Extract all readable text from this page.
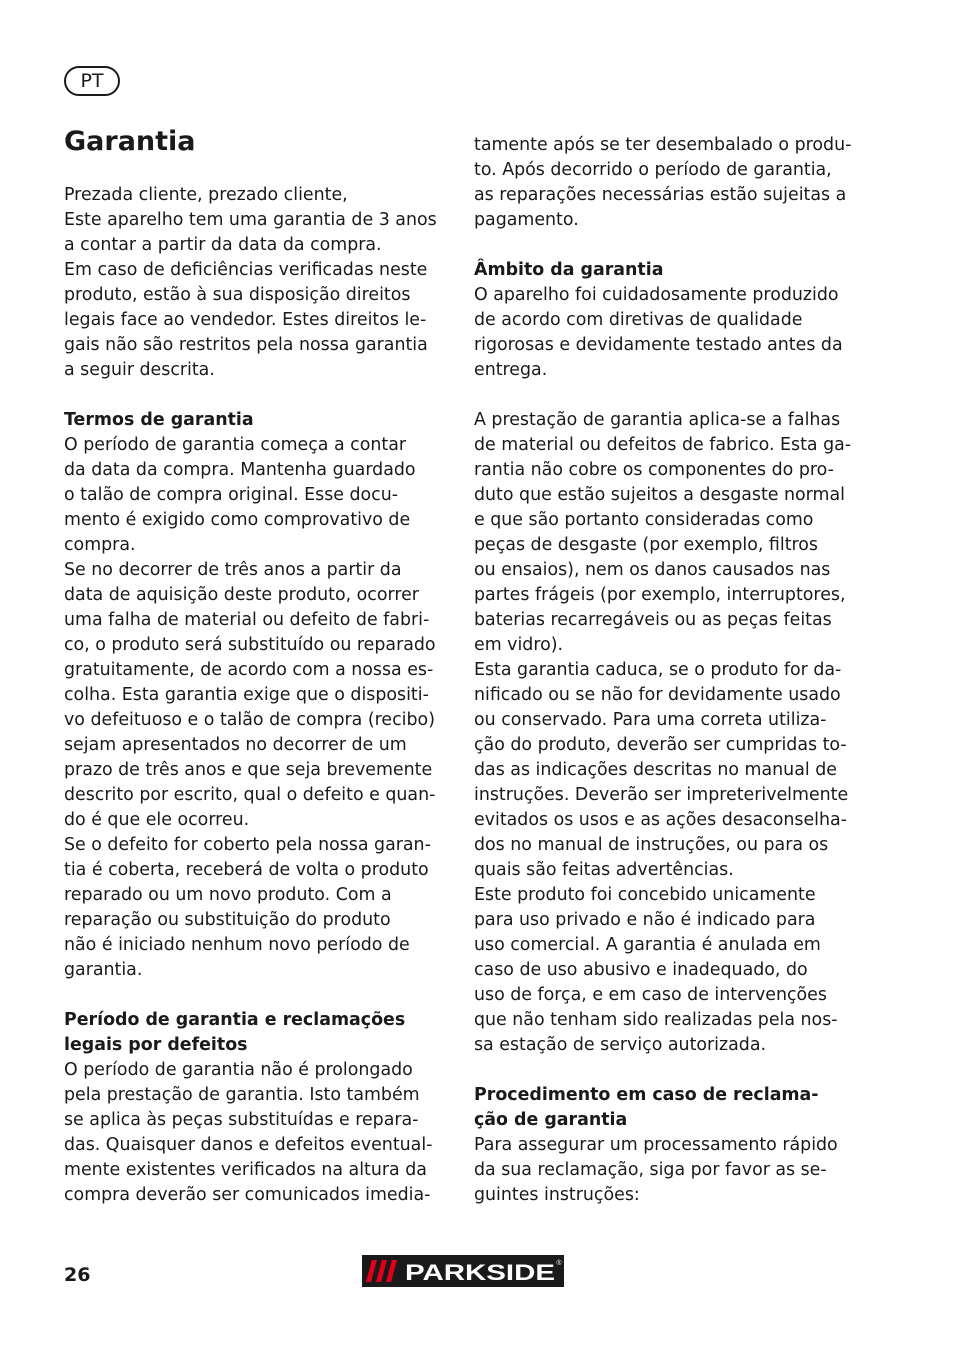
PT
Garantia
Prezada cliente, prezado cliente,
Este aparelho tem uma garantia de 3 anos
a contar a partir da data da compra.
Em caso de deficiências verificadas neste
produto, estão à sua disposição direitos
legais face ao vendedor. Estes direitos le-
gais não são restritos pela nossa garantia
a seguir descrita.
Termos de garantia
O período de garantia começa a contar
da data da compra. Mantenha guardado
o talão de compra original. Esse docu-
mento é exigido como comprovativo de
compra.
Se no decorrer de três anos a partir da
data de aquisição deste produto, ocorrer
uma falha de material ou defeito de fabri-
co, o produto será substituído ou reparado
gratuitamente, de acordo com a nossa es-
colha. Esta garantia exige que o dispositi-
vo defeituoso e o talão de compra (recibo)
sejam apresentados no decorrer de um
prazo de três anos e que seja brevemente
descrito por escrito, qual o defeito e quan-
do é que ele ocorreu.
Se o defeito for coberto pela nossa garan-
tia é coberta, receberá de volta o produto
reparado ou um novo produto. Com a
reparação ou substituição do produto
não é iniciado nenhum novo período de
garantia.
Período de garantia e reclamações
legais por defeitos
O período de garantia não é prolongado
pela prestação de garantia. Isto também
se aplica às peças substituídas e repara-
das. Quaisquer danos e defeitos eventual-
mente existentes verificados na altura da
compra deverão ser comunicados imedia-
tamente após se ter desembalado o produ-
to. Após decorrido o período de garantia,
as reparações necessárias estão sujeitas a
pagamento.
Âmbito da garantia
O aparelho foi cuidadosamente produzido
de acordo com diretivas de qualidade
rigorosas e devidamente testado antes da
entrega.
A prestação de garantia aplica-se a falhas
de material ou defeitos de fabrico. Esta ga-
rantia não cobre os componentes do pro-
duto que estão sujeitos a desgaste normal
e que são portanto consideradas como
peças de desgaste (por exemplo, filtros
ou ensaios), nem os danos causados nas
partes frágeis (por exemplo, interruptores,
baterias recarregáveis ou as peças feitas
em vidro).
Esta garantia caduca, se o produto for da-
nificado ou se não for devidamente usado
ou conservado. Para uma correta utiliza-
ção do produto, deverão ser cumpridas to-
das as indicações descritas no manual de
instruções. Deverão ser impreterivelmente
evitados os usos e as ações desaconselha-
dos no manual de instruções, ou para os
quais são feitas advertências.
Este produto foi concebido unicamente
para uso privado e não é indicado para
uso comercial. A garantia é anulada em
caso de uso abusivo e inadequado, do
uso de força, e em caso de intervenções
que não tenham sido realizadas pela nos-
sa estação de serviço autorizada.
Procedimento em caso de reclama-
ção de garantia
Para assegurar um processamento rápido
da sua reclamação, siga por favor as se-
guintes instruções:
26	PARKSIDE ®
